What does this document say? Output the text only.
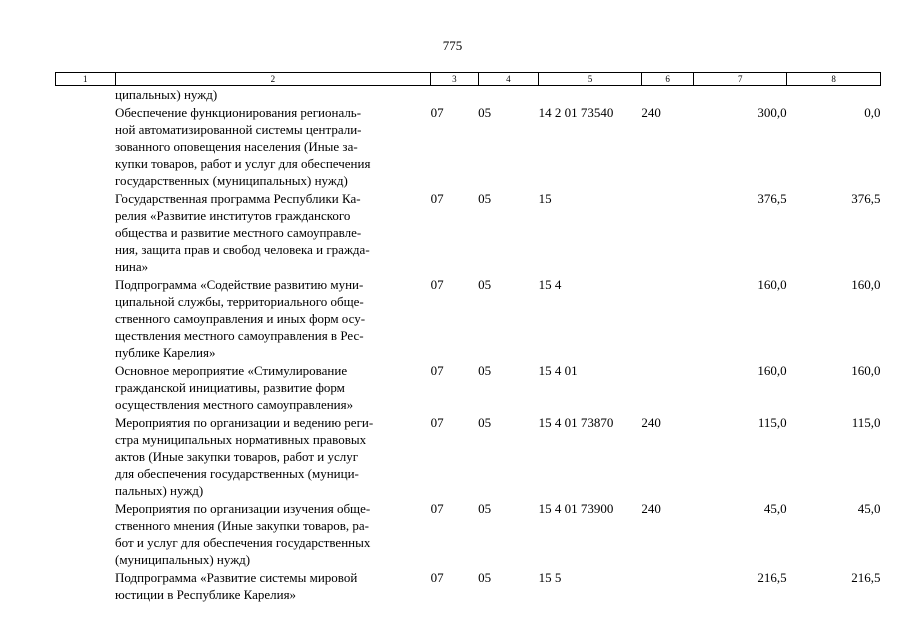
775
1	2	3	4	5	6	7	8
	ципальных) нужд)						
	Обеспечение функционирования региональ-
ной автоматизированной системы централи-
зованного оповещения населения (Иные за-
купки товаров, работ и услуг для обеспечения
государственных (муниципальных) нужд)	07	05	14 2 01 73540	240	300,0	0,0
	Государственная программа Республики Ка-
релия «Развитие институтов гражданского
общества и развитие местного самоуправле-
ния, защита прав и свобод человека и гражда-
нина»	07	05	15		376,5	376,5
	Подпрограмма «Содействие развитию муни-
ципальной службы, территориального обще-
ственного самоуправления и иных форм осу-
ществления местного самоуправления в Рес-
публике Карелия»	07	05	15 4		160,0	160,0
	Основное мероприятие «Стимулирование
гражданской инициативы, развитие форм
осуществления местного самоуправления»	07	05	15 4 01		160,0	160,0
	Мероприятия по организации и ведению реги-
стра муниципальных нормативных правовых
актов (Иные закупки товаров, работ и услуг
для обеспечения государственных (муници-
пальных) нужд)	07	05	15 4 01 73870	240	115,0	115,0
	Мероприятия по организации изучения обще-
ственного мнения (Иные закупки товаров, ра-
бот и услуг для обеспечения государственных
(муниципальных) нужд)	07	05	15 4 01 73900	240	45,0	45,0
	Подпрограмма «Развитие системы мировой
юстиции в Республике Карелия»	07	05	15 5		216,5	216,5
